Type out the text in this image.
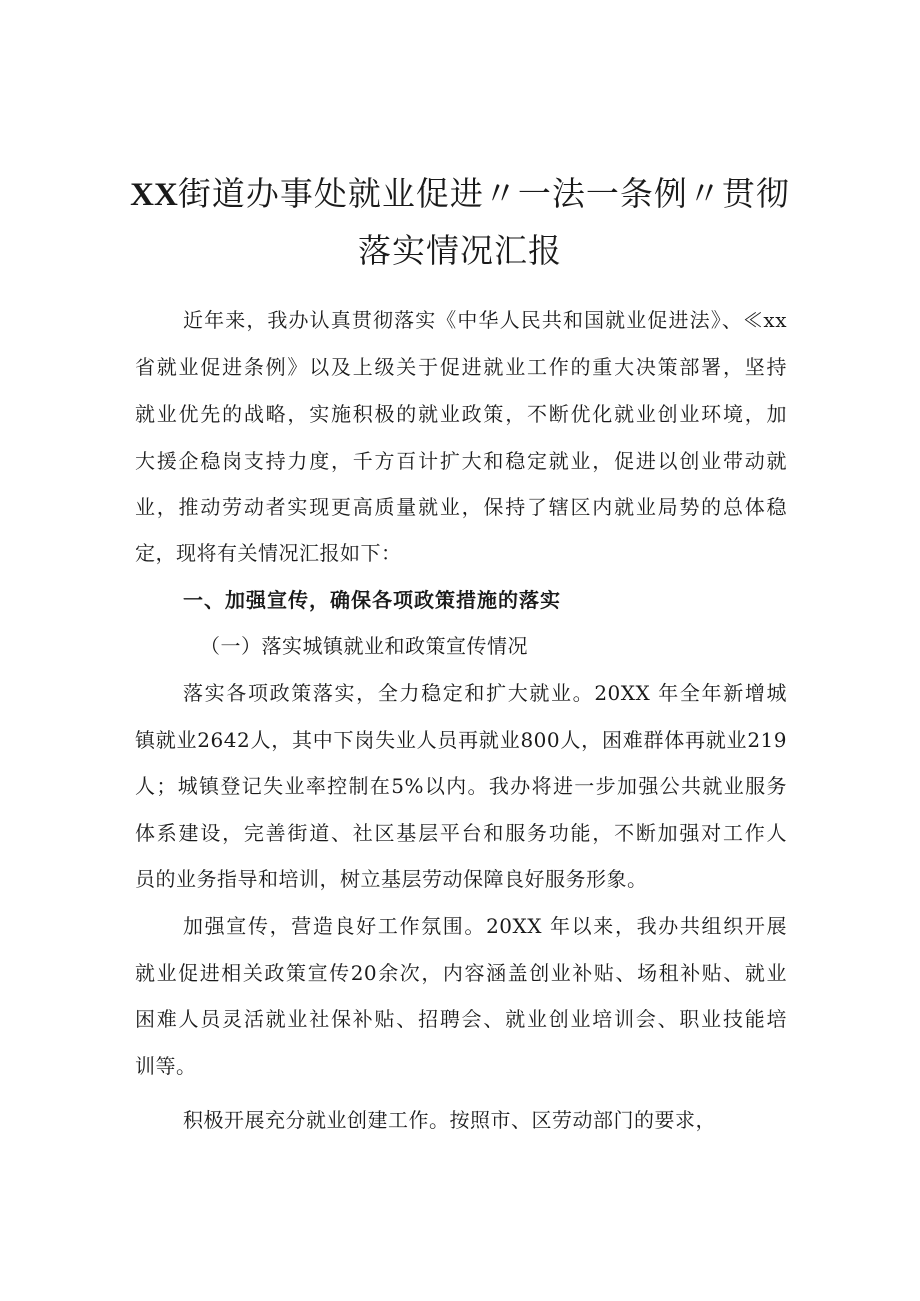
XX街道办事处就业促进〃一法一条例〃贯彻
落实情况汇报
近年来，我办认真贯彻落实《中华人民共和国就业促进法》、≪xx
省就业促进条例》以及上级关于促进就业工作的重大决策部署，坚持
就业优先的战略，实施积极的就业政策，不断优化就业创业环境，加
大援企稳岗支持力度，千方百计扩大和稳定就业，促进以创业带动就
业，推动劳动者实现更高质量就业，保持了辖区内就业局势的总体稳
定，现将有关情况汇报如下：
一、加强宣传，确保各项政策措施的落实
（一）落实城镇就业和政策宣传情况
落实各项政策落实，全力稳定和扩大就业。20XX 年全年新增城
镇就业2642人，其中下岗失业人员再就业800人，困难群体再就业219
人；城镇登记失业率控制在5%以内。我办将进一步加强公共就业服务
体系建设，完善街道、社区基层平台和服务功能，不断加强对工作人
员的业务指导和培训，树立基层劳动保障良好服务形象。
加强宣传，营造良好工作氛围。20XX 年以来，我办共组织开展
就业促进相关政策宣传20余次，内容涵盖创业补贴、场租补贴、就业
困难人员灵活就业社保补贴、招聘会、就业创业培训会、职业技能培
训等。
积极开展充分就业创建工作。按照市、区劳动部门的要求，
